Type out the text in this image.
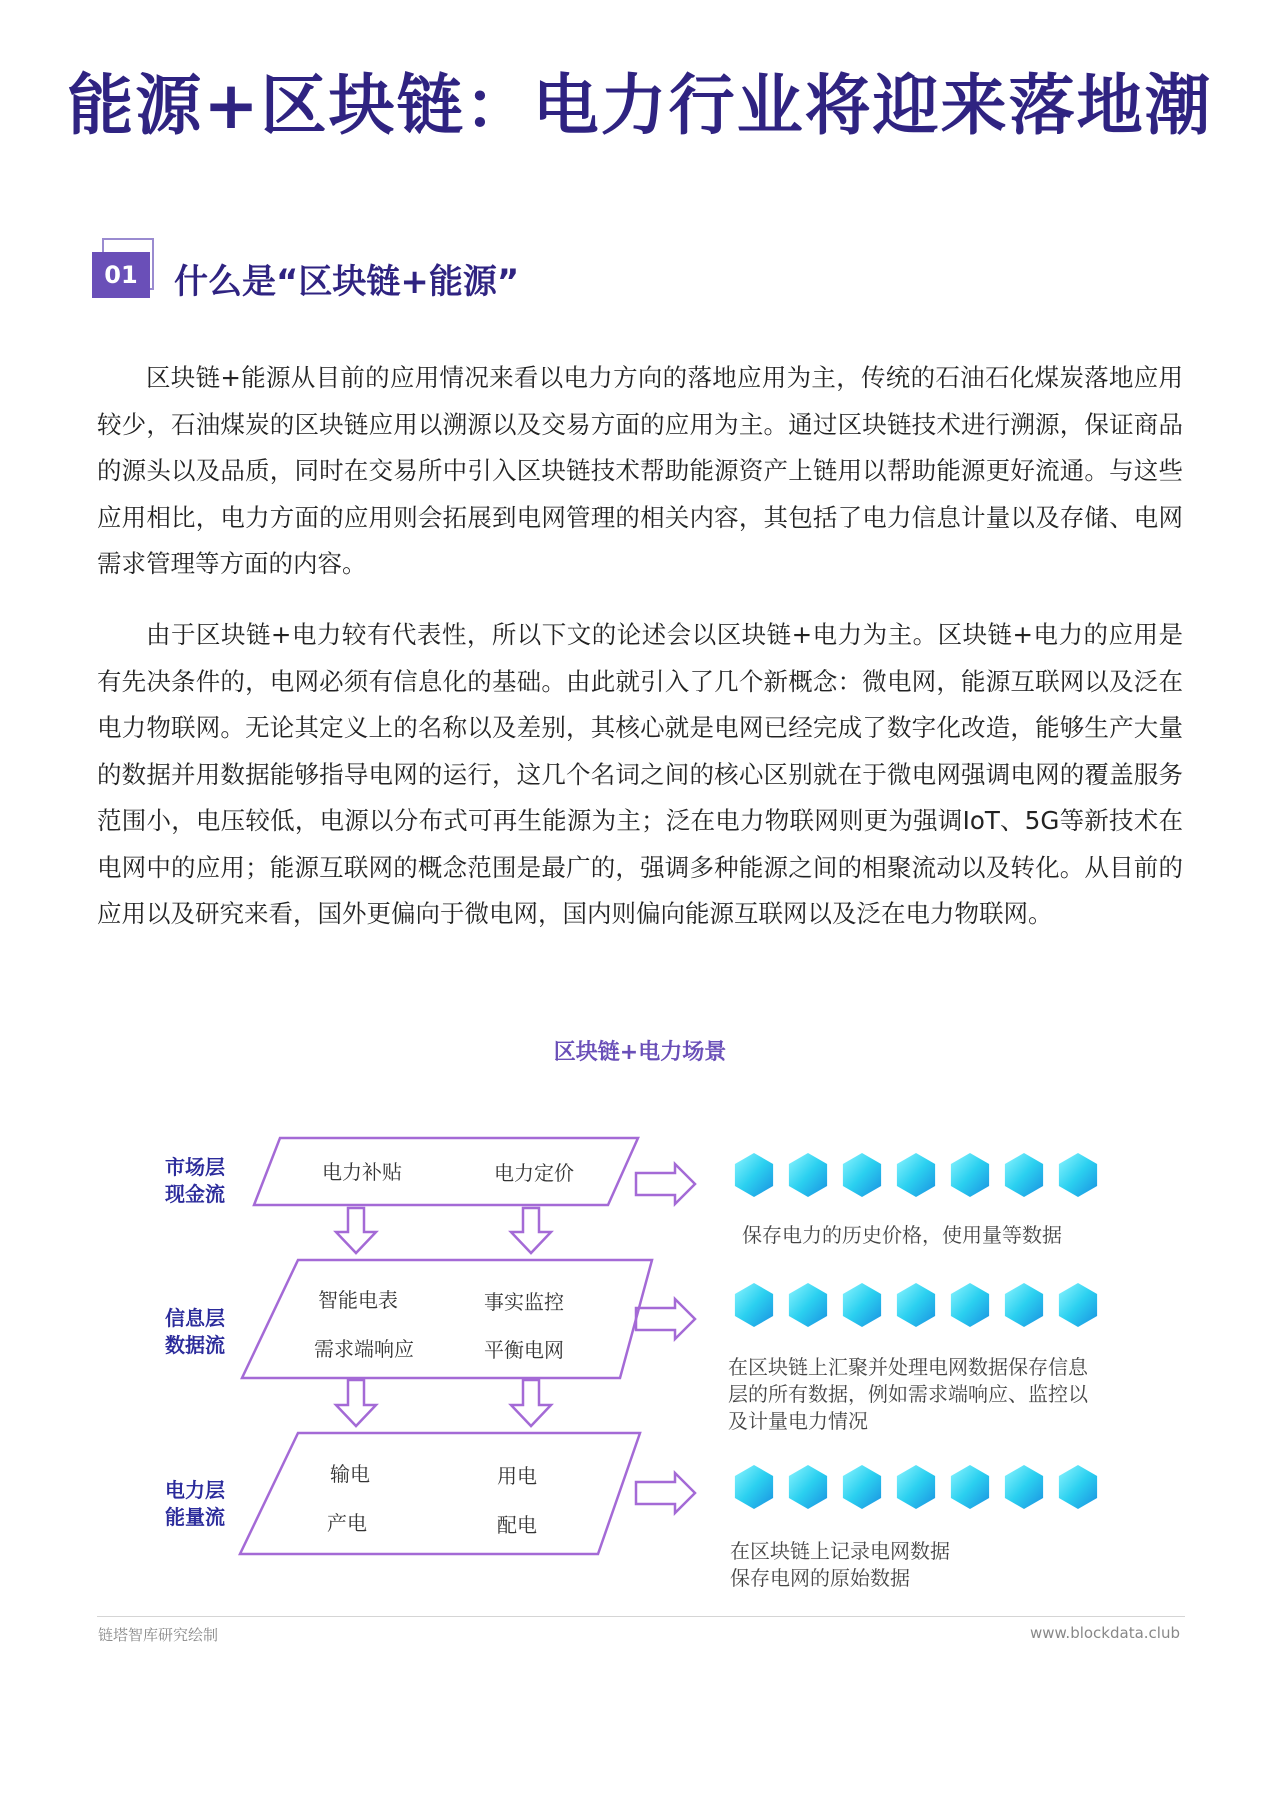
能源+区块链：电力行业将迎来落地潮
01	什么是“区块链+能源”
区块链+能源从目前的应用情况来看以电力方向的落地应用为主，传统的石油石化煤炭落地应用较少，石油煤炭的区块链应用以溯源以及交易方面的应用为主。通过区块链技术进行溯源，保证商品的源头以及品质，同时在交易所中引入区块链技术帮助能源资产上链用以帮助能源更好流通。与这些应用相比，电力方面的应用则会拓展到电网管理的相关内容，其包括了电力信息计量以及存储、电网需求管理等方面的内容。
由于区块链+电力较有代表性，所以下文的论述会以区块链+电力为主。区块链+电力的应用是有先决条件的，电网必须有信息化的基础。由此就引入了几个新概念：微电网，能源互联网以及泛在电力物联网。无论其定义上的名称以及差别，其核心就是电网已经完成了数字化改造，能够生产大量的数据并用数据能够指导电网的运行，这几个名词之间的核心区别就在于微电网强调电网的覆盖服务范围小，电压较低，电源以分布式可再生能源为主；泛在电力物联网则更为强调IoT、5G等新技术在电网中的应用；能源互联网的概念范围是最广的，强调多种能源之间的相聚流动以及转化。从目前的应用以及研究来看，国外更偏向于微电网，国内则偏向能源互联网以及泛在电力物联网。
区块链+电力场景
市场层
现金流
信息层
数据流
电力层
能量流
电力补贴	电力定价
智能电表	事实监控
需求端响应	平衡电网
输电	用电
产电	配电
保存电力的历史价格，使用量等数据
在区块链上汇聚并处理电网数据保存信息
层的所有数据，例如需求端响应、监控以
及计量电力情况
在区块链上记录电网数据
保存电网的原始数据
链塔智库研究绘制	www.blockdata.club
